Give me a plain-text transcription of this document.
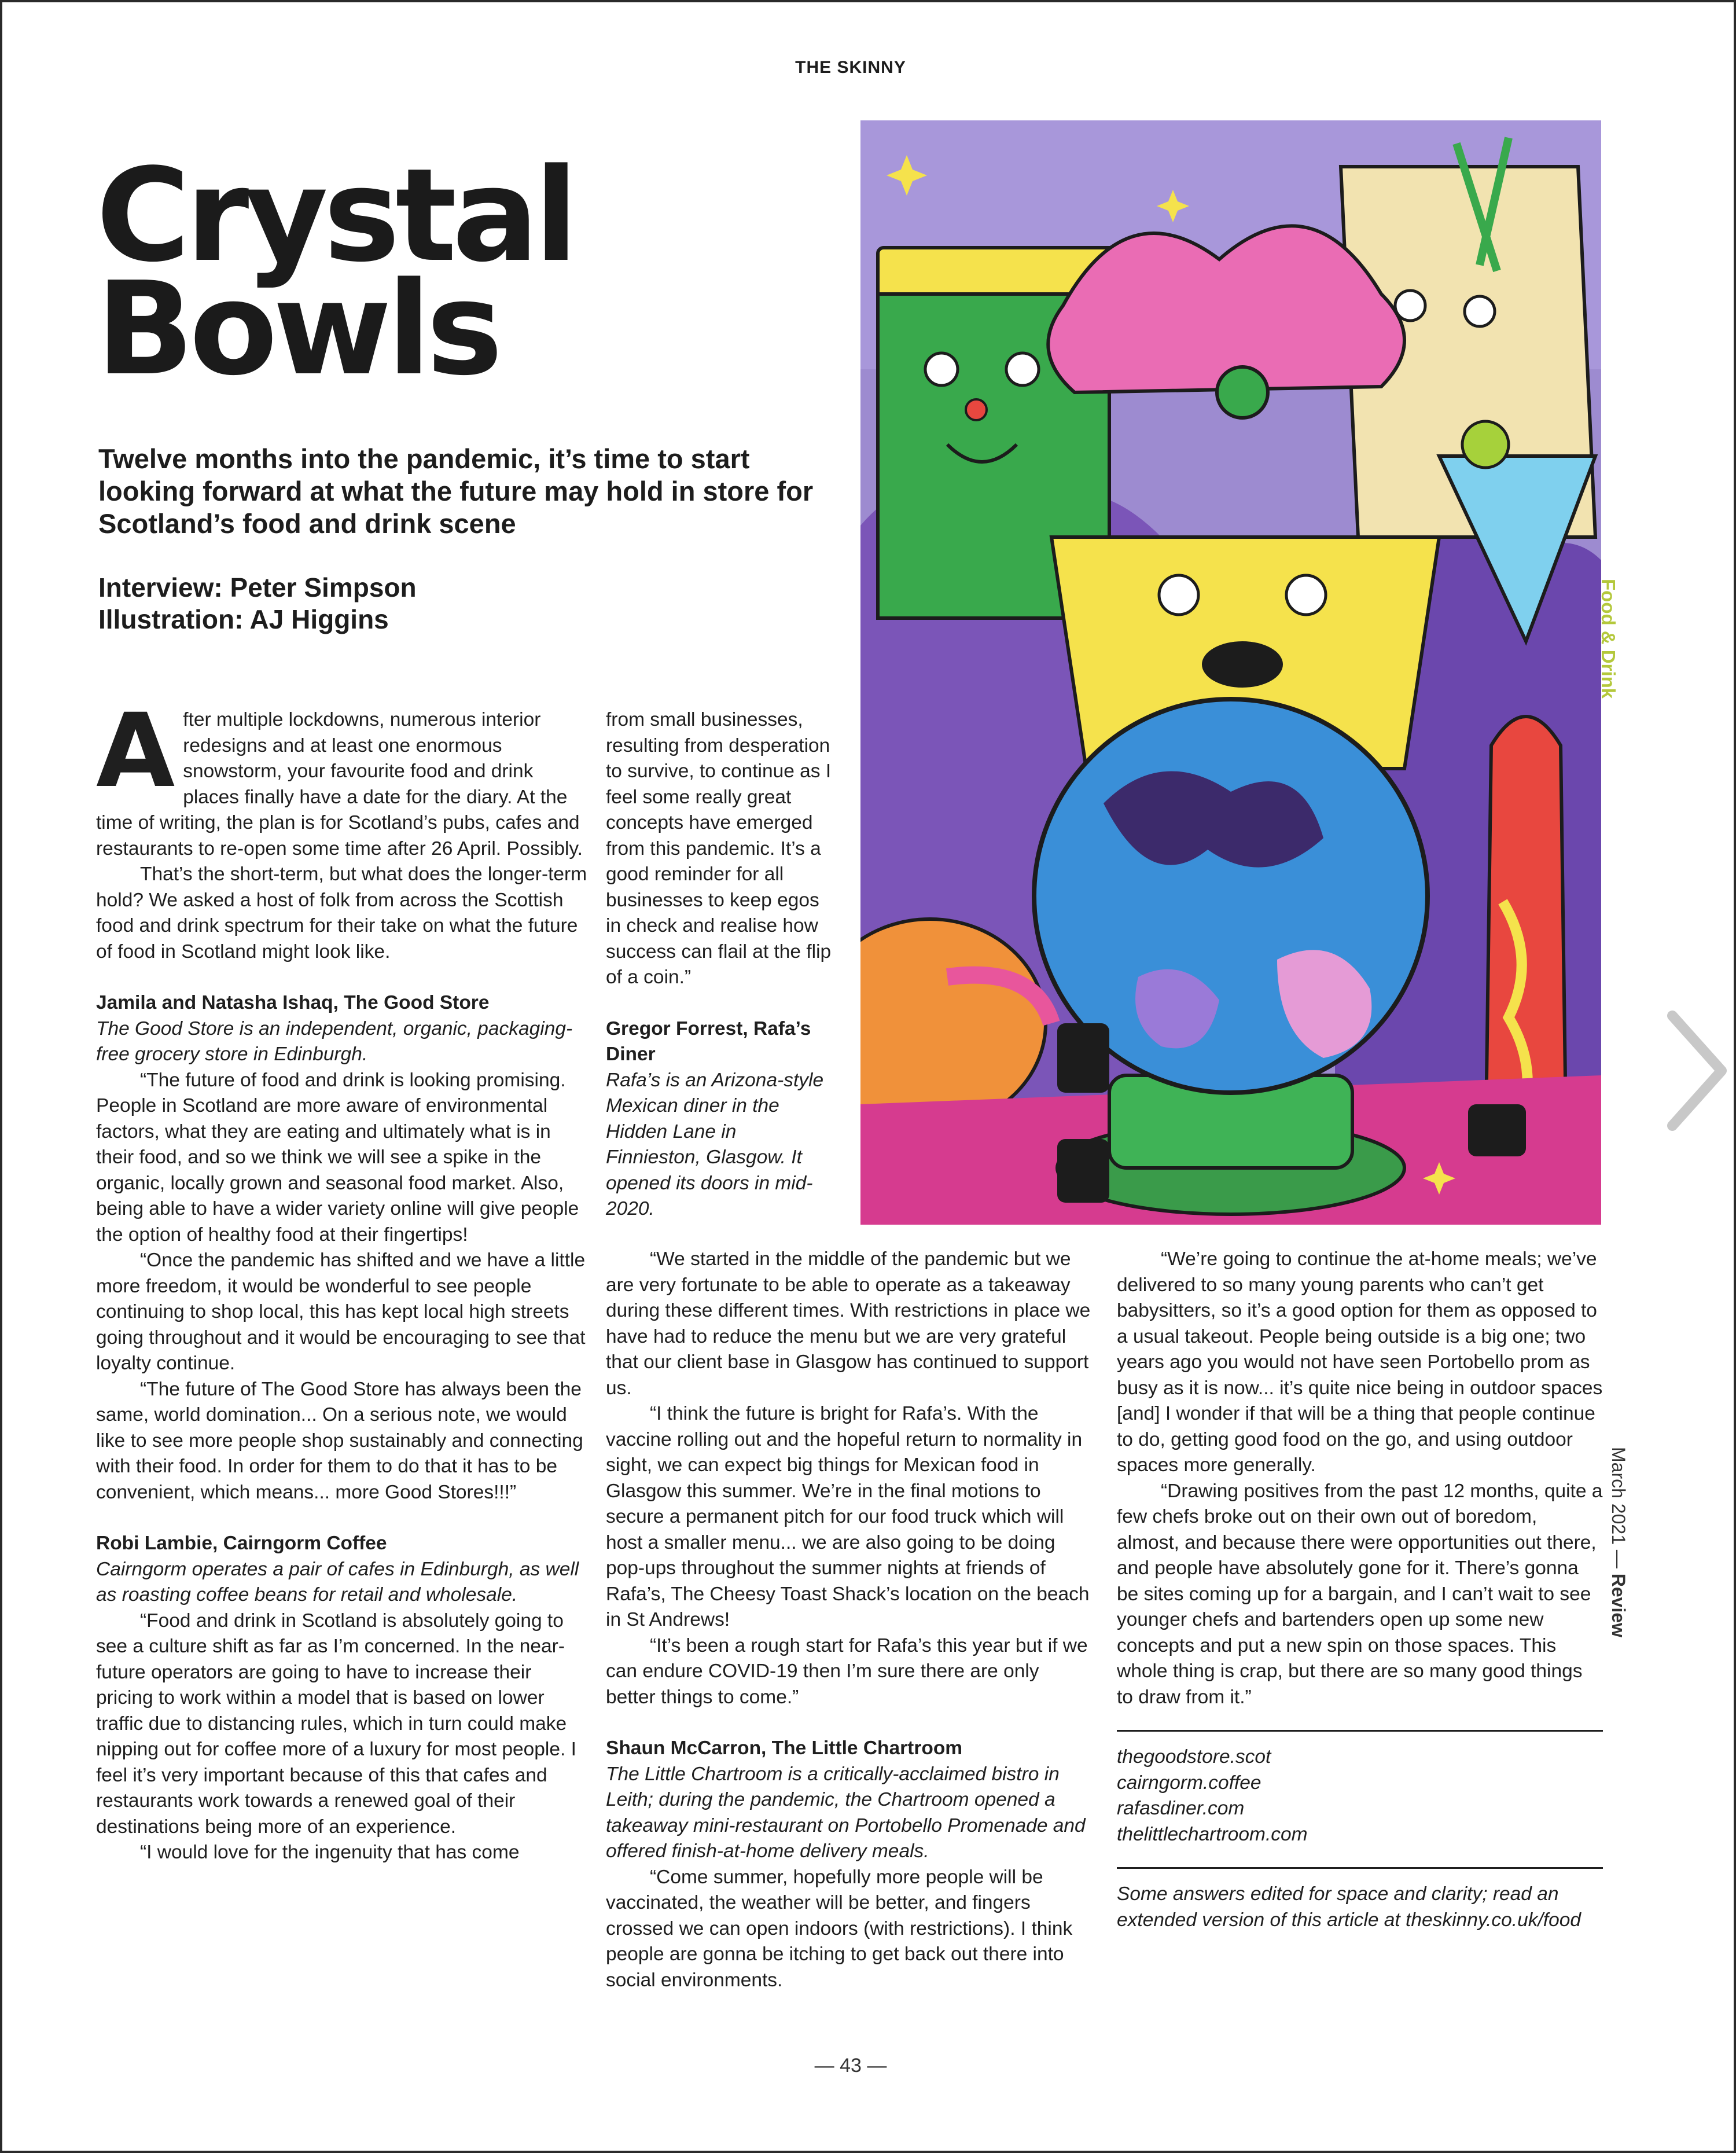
THE SKINNY
Crystal
Bowls

Twelve months into the pandemic, it’s time to start looking forward at what the future may hold in store for Scotland’s food and drink scene

Interview: Peter Simpson
Illustration: AJ Higgins

After multiple lockdowns, numerous interior redesigns and at least one enormous snowstorm, your favourite food and drink places finally have a date for the diary. At the time of writing, the plan is for Scotland’s pubs, cafes and restaurants to re-open some time after 26 April. Possibly.

That’s the short-term, but what does the longer-term hold? We asked a host of folk from across the Scottish food and drink spectrum for their take on what the future of food in Scotland might look like.

Jamila and Natasha Ishaq, The Good Store

The Good Store is an independent, organic, packaging-free grocery store in Edinburgh.

“The future of food and drink is looking promising. People in Scotland are more aware of environmental factors, what they are eating and ultimately what is in their food, and so we think we will see a spike in the organic, locally grown and seasonal food market. Also, being able to have a wider variety online will give people the option of healthy food at their fingertips!

“Once the pandemic has shifted and we have a little more freedom, it would be wonderful to see people continuing to shop local, this has kept local high streets going throughout and it would be encouraging to see that loyalty continue.

“The future of The Good Store has always been the same, world domination... On a serious note, we would like to see more people shop sustainably and connecting with their food. In order for them to do that it has to be convenient, which means... more Good Stores!!!”

Robi Lambie, Cairngorm Coffee

Cairngorm operates a pair of cafes in Edinburgh, as well as roasting coffee beans for retail and wholesale.

“Food and drink in Scotland is absolutely going to see a culture shift as far as I’m concerned. In the near-future operators are going to have to increase their pricing to work within a model that is based on lower traffic due to distancing rules, which in turn could make nipping out for coffee more of a luxury for most people. I feel it’s very important because of this that cafes and restaurants work towards a renewed goal of their destinations being more of an experience.

“I would love for the ingenuity that has come

from small businesses, resulting from desperation to survive, to continue as I feel some really great concepts have emerged from this pandemic. It’s a good reminder for all businesses to keep egos in check and realise how success can flail at the flip of a coin.”

Gregor Forrest, Rafa’s Diner

Rafa’s is an Arizona-style Mexican diner in the Hidden Lane in Finnieston, Glasgow. It opened its doors in mid-2020.

“We started in the middle of the pandemic but we are very fortunate to be able to operate as a takeaway during these different times. With restrictions in place we have had to reduce the menu but we are very grateful that our client base in Glasgow has continued to support us.

“I think the future is bright for Rafa’s. With the vaccine rolling out and the hopeful return to normality in sight, we can expect big things for Mexican food in Glasgow this summer. We’re in the final motions to secure a permanent pitch for our food truck which will host a smaller menu... we are also going to be doing pop-ups throughout the summer nights at friends of Rafa’s, The Cheesy Toast Shack’s location on the beach in St Andrews!

“It’s been a rough start for Rafa’s this year but if we can endure COVID-19 then I’m sure there are only better things to come.”

Shaun McCarron, The Little Chartroom

The Little Chartroom is a critically-acclaimed bistro in Leith; during the pandemic, the Chartroom opened a takeaway mini-restaurant on Portobello Promenade and offered finish-at-home delivery meals.

“Come summer, hopefully more people will be vaccinated, the weather will be better, and fingers crossed we can open indoors (with restrictions). I think people are gonna be itching to get back out there into social environments.

“We’re going to continue the at-home meals; we’ve delivered to so many young parents who can’t get babysitters, so it’s a good option for them as opposed to a usual takeout. People being outside is a big one; two years ago you would not have seen Portobello prom as busy as it is now... it’s quite nice being in outdoor spaces [and] I wonder if that will be a thing that people continue to do, getting good food on the go, and using outdoor spaces more generally.

“Drawing positives from the past 12 months, quite a few chefs broke out on their own out of boredom, almost, and because there were opportunities out there, and people have absolutely gone for it. There’s gonna be sites coming up for a bargain, and I can’t wait to see younger chefs and bartenders open up some new concepts and put a new spin on those spaces. This whole thing is crap, but there are so many good things to draw from it.”

thegoodstore.scot
cairngorm.coffee
rafasdiner.com
thelittlechartroom.com

Some answers edited for space and clarity; read an extended version of this article at theskinny.co.uk/food

Food & Drink
March 2021 — Review
— 43 —
